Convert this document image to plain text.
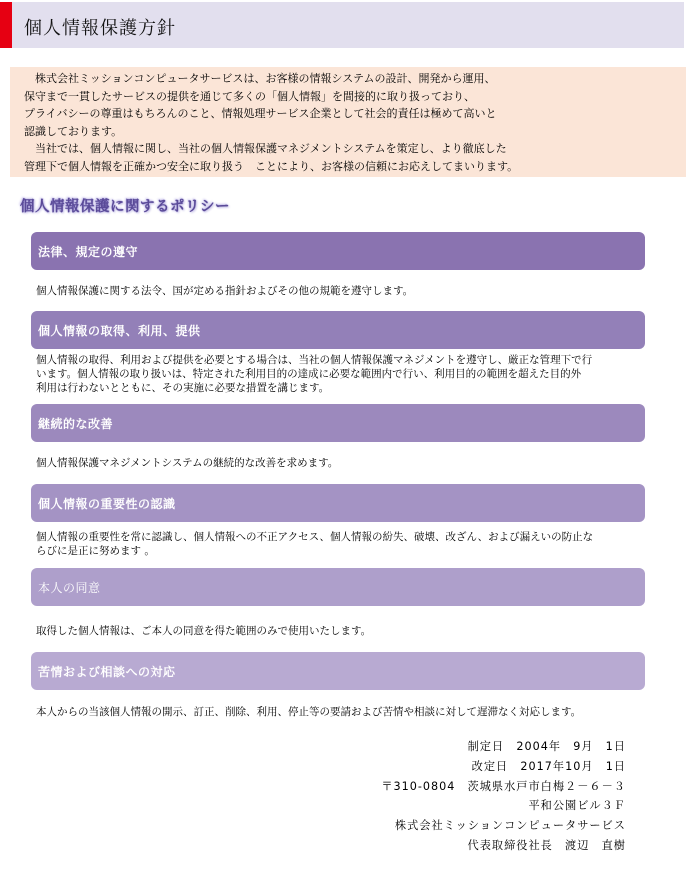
個人情報保護方針
　株式会社ミッションコンピュータサービスは、お客様の情報システムの設計、開発から運用、
保守まで一貫したサービスの提供を通じて多くの「個人情報」を間接的に取り扱っており、
プライバシーの尊重はもちろんのこと、情報処理サービス企業として社会的責任は極めて高いと
認識しております。
　当社では、個人情報に関し、当社の個人情報保護マネジメントシステムを策定し、より徹底した
管理下で個人情報を正確かつ安全に取り扱う　ことにより、お客様の信頼にお応えしてまいります。
個人情報保護に関するポリシー
法律、規定の遵守
個人情報保護に関する法令、国が定める指針およびその他の規範を遵守します。
個人情報の取得、利用、提供
個人情報の取得、利用および提供を必要とする場合は、当社の個人情報保護マネジメントを遵守し、厳正な管理下で行
います。個人情報の取り扱いは、特定された利用目的の達成に必要な範囲内で行い、利用目的の範囲を超えた目的外
利用は行わないとともに、その実施に必要な措置を講じます。
継続的な改善
個人情報保護マネジメントシステムの継続的な改善を求めます。
個人情報の重要性の認識
個人情報の重要性を常に認識し、個人情報への不正アクセス、個人情報の紛失、破壊、改ざん、および漏えいの防止な
らびに是正に努めます 。
本人の同意
取得した個人情報は、ご本人の同意を得た範囲のみで使用いたします。
苦情および相談への対応
本人からの当該個人情報の開示、訂正、削除、利用、停止等の要請および苦情や相談に対して遅滞なく対応します。
制定日　2004年　9月　1日
改定日　2017年10月　1日
〒310-0804　茨城県水戸市白梅２－６－３
平和公園ビル３Ｆ
株式会社ミッションコンピュータサービス
代表取締役社長　渡辺　直樹
